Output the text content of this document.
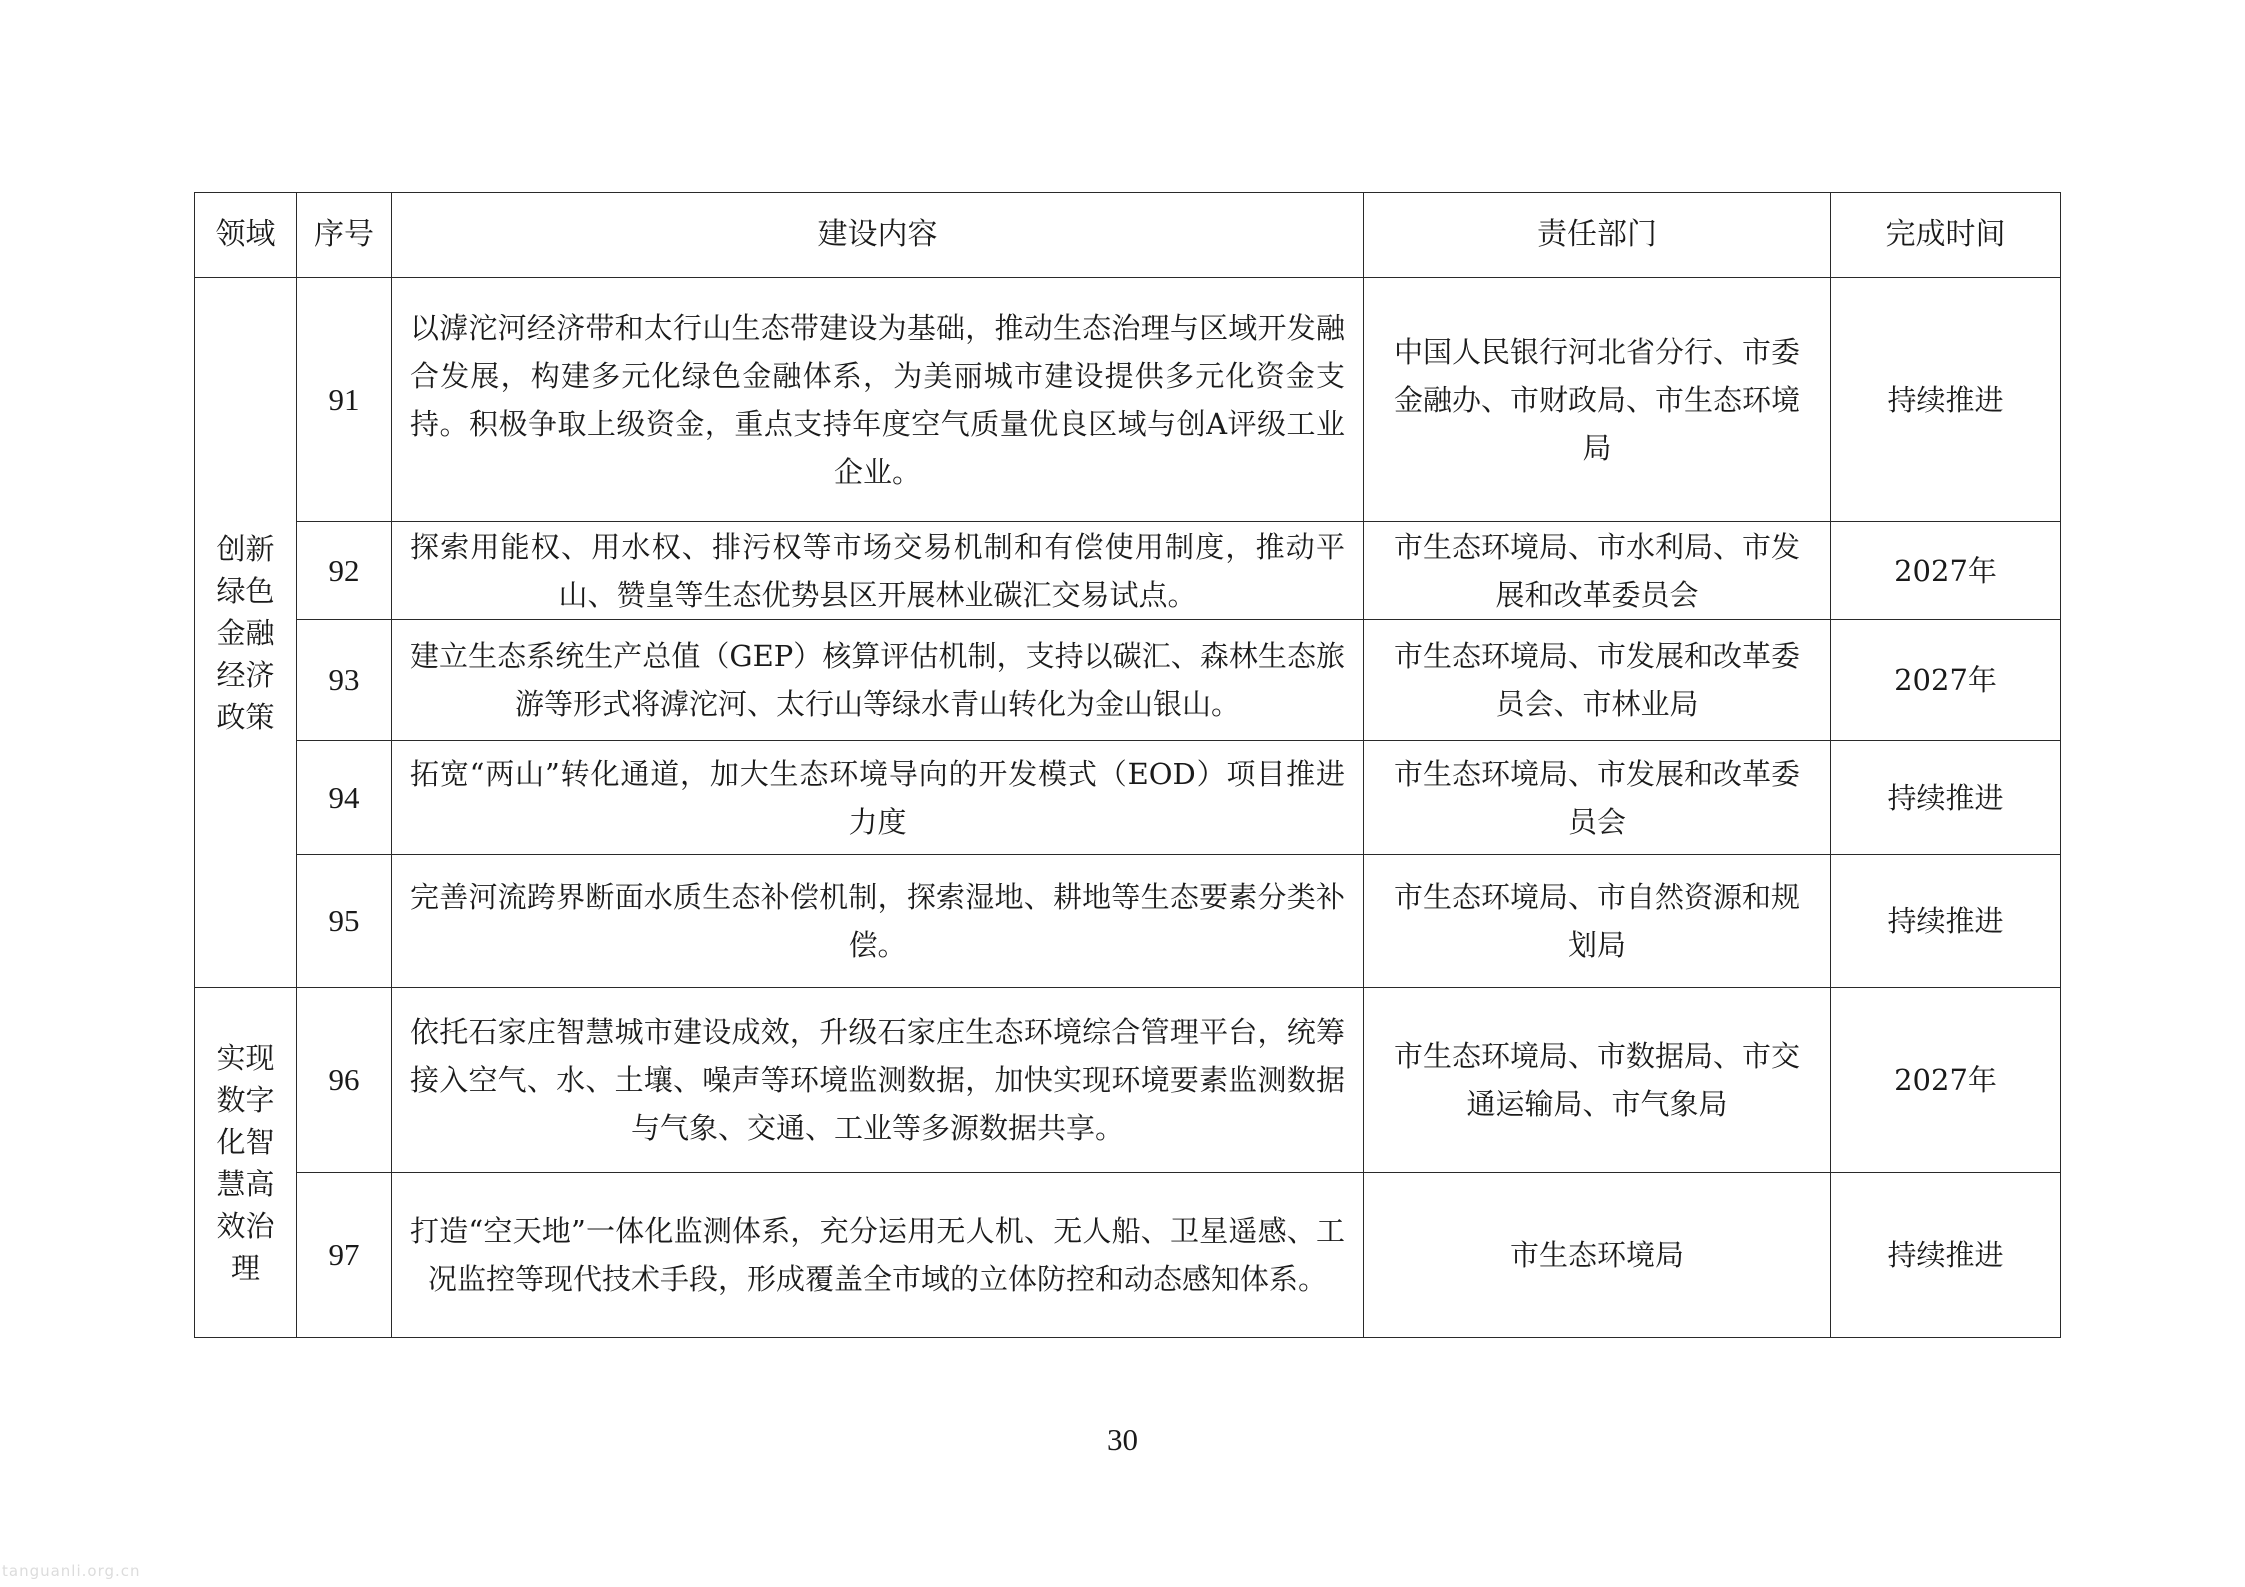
领域	序号	建设内容	责任部门	完成时间
创新绿色金融经济政策	91	以滹沱河经济带和太行山生态带建设为基础，推动生态治理与区域开发融合发展，构建多元化绿色金融体系，为美丽城市建设提供多元化资金支持。积极争取上级资金，重点支持年度空气质量优良区域与创A评级工业企业。	中国人民银行河北省分行、市委金融办、市财政局、市生态环境局	持续推进
	92	探索用能权、用水权、排污权等市场交易机制和有偿使用制度，推动平山、赞皇等生态优势县区开展林业碳汇交易试点。	市生态环境局、市水利局、市发展和改革委员会	2027年
	93	建立生态系统生产总值（GEP）核算评估机制，支持以碳汇、森林生态旅游等形式将滹沱河、太行山等绿水青山转化为金山银山。	市生态环境局、市发展和改革委员会、市林业局	2027年
	94	拓宽“两山”转化通道，加大生态环境导向的开发模式（EOD）项目推进力度	市生态环境局、市发展和改革委员会	持续推进
	95	完善河流跨界断面水质生态补偿机制，探索湿地、耕地等生态要素分类补偿。	市生态环境局、市自然资源和规划局	持续推进
实现数字化智慧高效治理	96	依托石家庄智慧城市建设成效，升级石家庄生态环境综合管理平台，统筹接入空气、水、土壤、噪声等环境监测数据，加快实现环境要素监测数据与气象、交通、工业等多源数据共享。	市生态环境局、市数据局、市交通运输局、市气象局	2027年
	97	打造“空天地”一体化监测体系，充分运用无人机、无人船、卫星遥感、工况监控等现代技术手段，形成覆盖全市域的立体防控和动态感知体系。	市生态环境局	持续推进
30
tanguanli.org.cn
